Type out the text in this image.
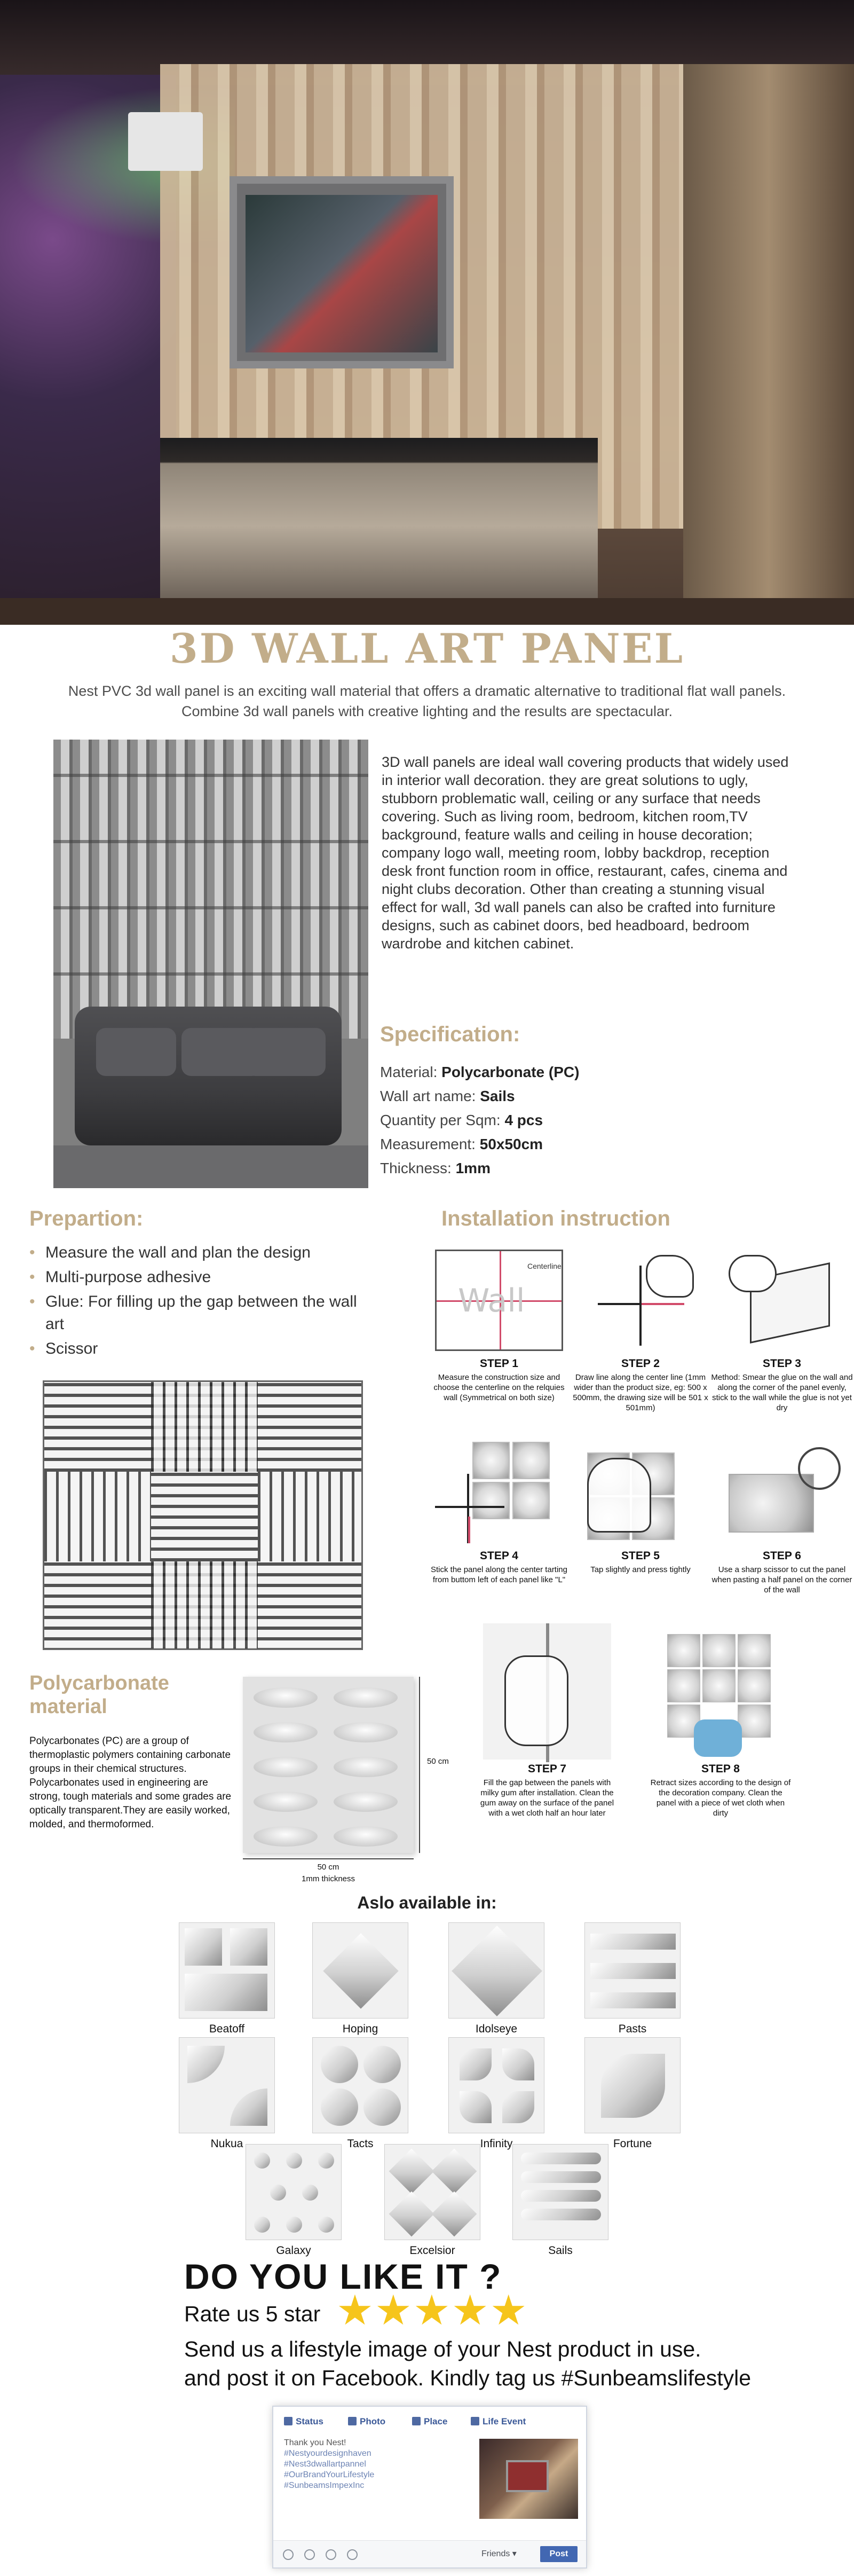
3D WALL ART PANEL
Nest PVC 3d wall panel is an exciting wall material that offers a dramatic alternative to traditional flat wall panels. Combine 3d wall panels with creative lighting and the results are spectacular.
3D wall panels are ideal wall covering products that widely used in interior wall decoration. they are great solutions to ugly, stubborn problematic wall, ceiling or any surface that needs covering. Such as living room, bedroom, kitchen room,TV background, feature walls and ceiling in house decoration; company logo wall, meeting room, lobby backdrop, reception desk front function room in office, restaurant, cafes, cinema and night clubs decoration. Other than creating a stunning visual effect for wall, 3d wall panels can also be crafted into furniture designs, such as cabinet doors, bed headboard, bedroom wardrobe and kitchen cabinet.
Specification:
Material: Polycarbonate (PC)
Wall art name: Sails
Quantity per Sqm: 4 pcs
Measurement: 50x50cm
Thickness: 1mm
Prepartion:
• Measure the wall and plan the design
• Multi-purpose adhesive
• Glue: For filling up the gap between the wall art
• Scissor
Installation instruction
Wall
Centerline
STEP 1
Measure the construction size and choose the centerline on the relquies wall (Symmetrical on both size)
STEP 2
Draw line along the center line (1mm wider than the product size, eg: 500 x 500mm, the drawing size will be 501 x 501mm)
STEP 3
Method: Smear the glue on the wall and along the corner of the panel evenly, stick to the wall while the glue is not yet dry
STEP 4
Stick the panel along the center tarting from buttom left of each panel like "L"
STEP 5
Tap slightly and press tightly
STEP 6
Use a sharp scissor to cut the panel when pasting a half panel on the corner of the wall
STEP 7
Fill the gap between the panels with milky gum after installation. Clean the gum away on the surface of the panel with a wet cloth half an hour later
STEP 8
Retract sizes according to the design of the decoration company. Clean the panel with a piece of wet cloth when dirty
Polycarbonate material
Polycarbonates (PC) are a group of thermoplastic polymers containing carbonate groups in their chemical structures. Polycarbonates used in engineering are strong, tough materials and some grades are optically transparent.They are easily worked, molded, and thermoformed.
50 cm
50 cm
1mm thickness
Aslo available in:
Beatoff	Hoping	Idolseye	Pasts
Nukua	Tacts	Infinity	Fortune
Galaxy	Excelsior	Sails
DO YOU LIKE IT ?
Rate us 5 star ★★★★★
Send us a lifestyle image of your Nest product in use.
and post it on Facebook. Kindly tag us #Sunbeamslifestyle
Status	Photo	Place	Life Event
Thank you Nest!
#Nestyourdesignhaven
#Nest3dwallartpannel
#OurBrandYourLifestyle
#SunbeamsImpexInc
Friends ▾	Post
